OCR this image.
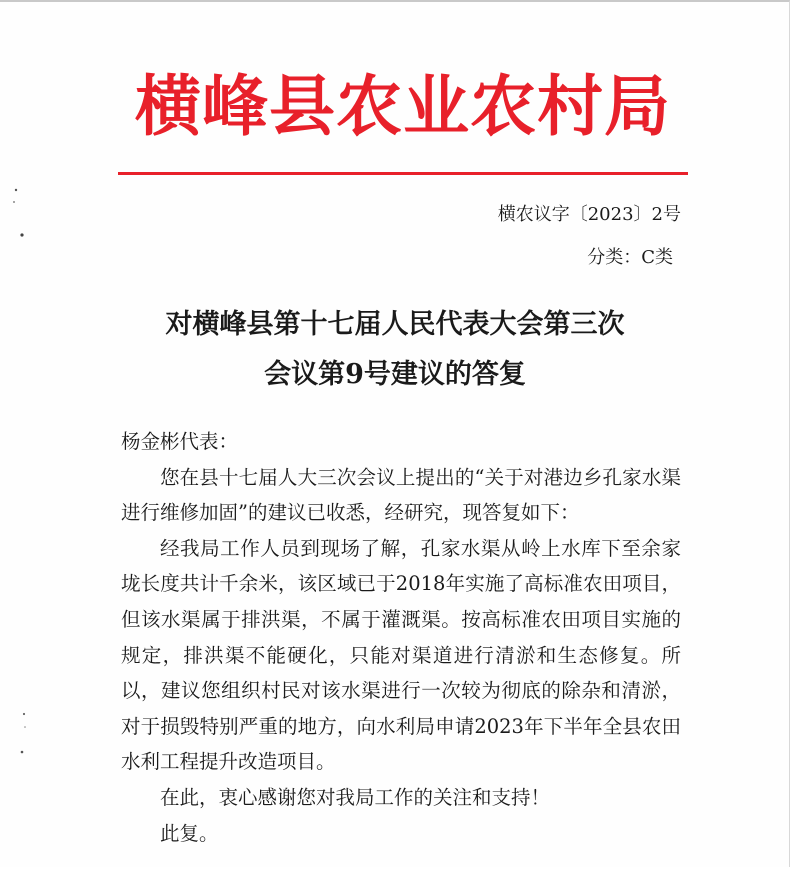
横峰县农业农村局
横农议字〔2023〕2号
分类：C类
对横峰县第十七届人民代表大会第三次
会议第9号建议的答复

杨金彬代表：

您在县十七届人大三次会议上提出的“关于对港边乡孔家水渠进行维修加固”的建议已收悉，经研究，现答复如下：

经我局工作人员到现场了解，孔家水渠从岭上水库下至余家垅长度共计千余米，该区域已于2018年实施了高标准农田项目，但该水渠属于排洪渠，不属于灌溉渠。按高标准农田项目实施的规定，排洪渠不能硬化，只能对渠道进行清淤和生态修复。所以，建议您组织村民对该水渠进行一次较为彻底的除杂和清淤，对于损毁特别严重的地方，向水利局申请2023年下半年全县农田水利工程提升改造项目。

在此，衷心感谢您对我局工作的关注和支持！

此复。
